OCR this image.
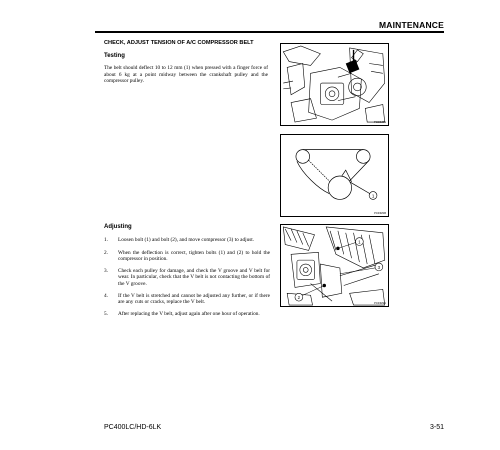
MAINTENANCE
CHECK, ADJUST TENSION OF A/C COMPRESSOR BELT
Testing

The belt should deflect 10 to 12 mm (1) when pressed with a finger force of about 6 kg at a point midway between the crankshaft pulley and the compressor pulley.

Adjusting
1. Loosen bolt (1) and bolt (2), and move compressor (3) to adjust.
2. When the deflection is correct, tighten bolts (1) and (2) to hold the compressor in position.
3. Check each pulley for damage, and check the V groove and V belt for wear. In particular, check that the V belt is not contacting the bottom of the V groove.
4. If the V belt is stretched and cannot be adjusted any further, or if there are any cuts or cracks, replace the V belt.
5. After replacing the V belt, adjust again after one hour of operation.
PC03M8N
1
PC03M1B
1
3
2
PC03M2A
PC400LC/HD-6LK	3-51
